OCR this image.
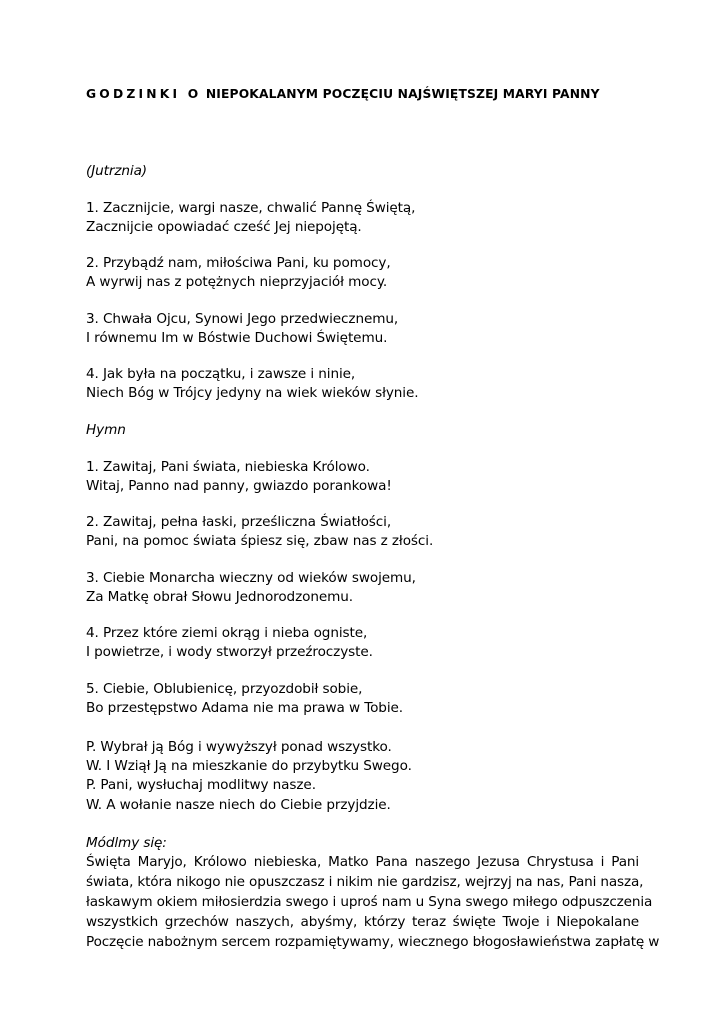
GODZINKI O NIEPOKALANYM POCZĘCIU NAJŚWIĘTSZEJ MARYI PANNY
(Jutrznia)
1. Zacznijcie, wargi nasze, chwalić Pannę Świętą,
Zacznijcie opowiadać cześć Jej niepojętą.
2. Przybądź nam, miłościwa Pani, ku pomocy,
A wyrwij nas z potężnych nieprzyjaciół mocy.
3. Chwała Ojcu, Synowi Jego przedwiecznemu,
I równemu Im w Bóstwie Duchowi Świętemu.
4. Jak była na początku, i zawsze i ninie,
Niech Bóg w Trójcy jedyny na wiek wieków słynie.
Hymn
1. Zawitaj, Pani świata, niebieska Królowo.
Witaj, Panno nad panny, gwiazdo porankowa!
2. Zawitaj, pełna łaski, prześliczna Światłości,
Pani, na pomoc świata śpiesz się, zbaw nas z złości.
3. Ciebie Monarcha wieczny od wieków swojemu,
Za Matkę obrał Słowu Jednorodzonemu.
4. Przez które ziemi okrąg i nieba ogniste,
I powietrze, i wody stworzył przeźroczyste.
5. Ciebie, Oblubienicę, przyozdobił sobie,
Bo przestępstwo Adama nie ma prawa w Tobie.
P. Wybrał ją Bóg i wywyższył ponad wszystko.
W. I Wziął Ją na mieszkanie do przybytku Swego.
P. Pani, wysłuchaj modlitwy nasze.
W. A wołanie nasze niech do Ciebie przyjdzie.
Módlmy się:
Święta Maryjo, Królowo niebieska, Matko Pana naszego Jezusa Chrystusa i Pani
świata, która nikogo nie opuszczasz i nikim nie gardzisz, wejrzyj na nas, Pani nasza,
łaskawym okiem miłosierdzia swego i uproś nam u Syna swego miłego odpuszczenia
wszystkich grzechów naszych, abyśmy, którzy teraz święte Twoje i Niepokalane
Poczęcie nabożnym sercem rozpamiętywamy, wiecznego błogosławieństwa zapłatę w
